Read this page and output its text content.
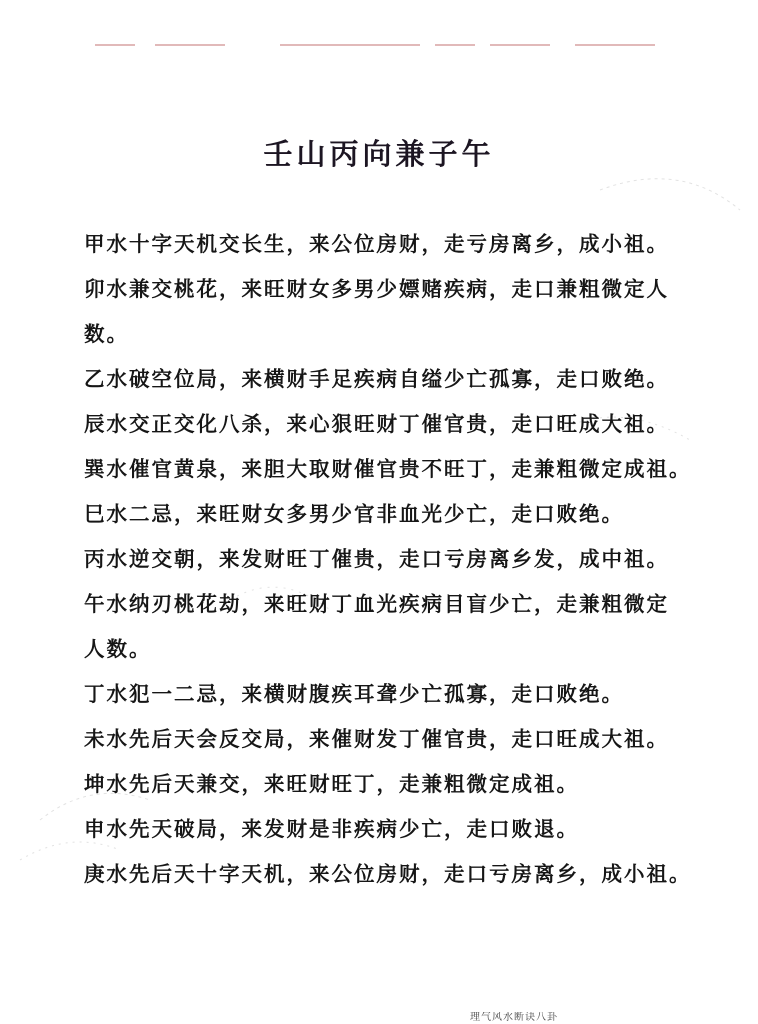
壬山丙向兼子午
甲水十字天机交长生，来公位房财，走亏房离乡，成小祖。
卯水兼交桃花，来旺财女多男少嫖赌疾病，走口兼粗微定人
数。
乙水破空位局，来横财手足疾病自缢少亡孤寡，走口败绝。
辰水交正交化八杀，来心狠旺财丁催官贵，走口旺成大祖。
巽水催官黄泉，来胆大取财催官贵不旺丁，走兼粗微定成祖。
巳水二忌，来旺财女多男少官非血光少亡，走口败绝。
丙水逆交朝，来发财旺丁催贵，走口亏房离乡发，成中祖。
午水纳刃桃花劫，来旺财丁血光疾病目盲少亡，走兼粗微定
人数。
丁水犯一二忌，来横财腹疾耳聋少亡孤寡，走口败绝。
未水先后天会反交局，来催财发丁催官贵，走口旺成大祖。
坤水先后天兼交，来旺财旺丁，走兼粗微定成祖。
申水先天破局，来发财是非疾病少亡，走口败退。
庚水先后天十字天机，来公位房财，走口亏房离乡，成小祖。
理气风水断诀八卦
